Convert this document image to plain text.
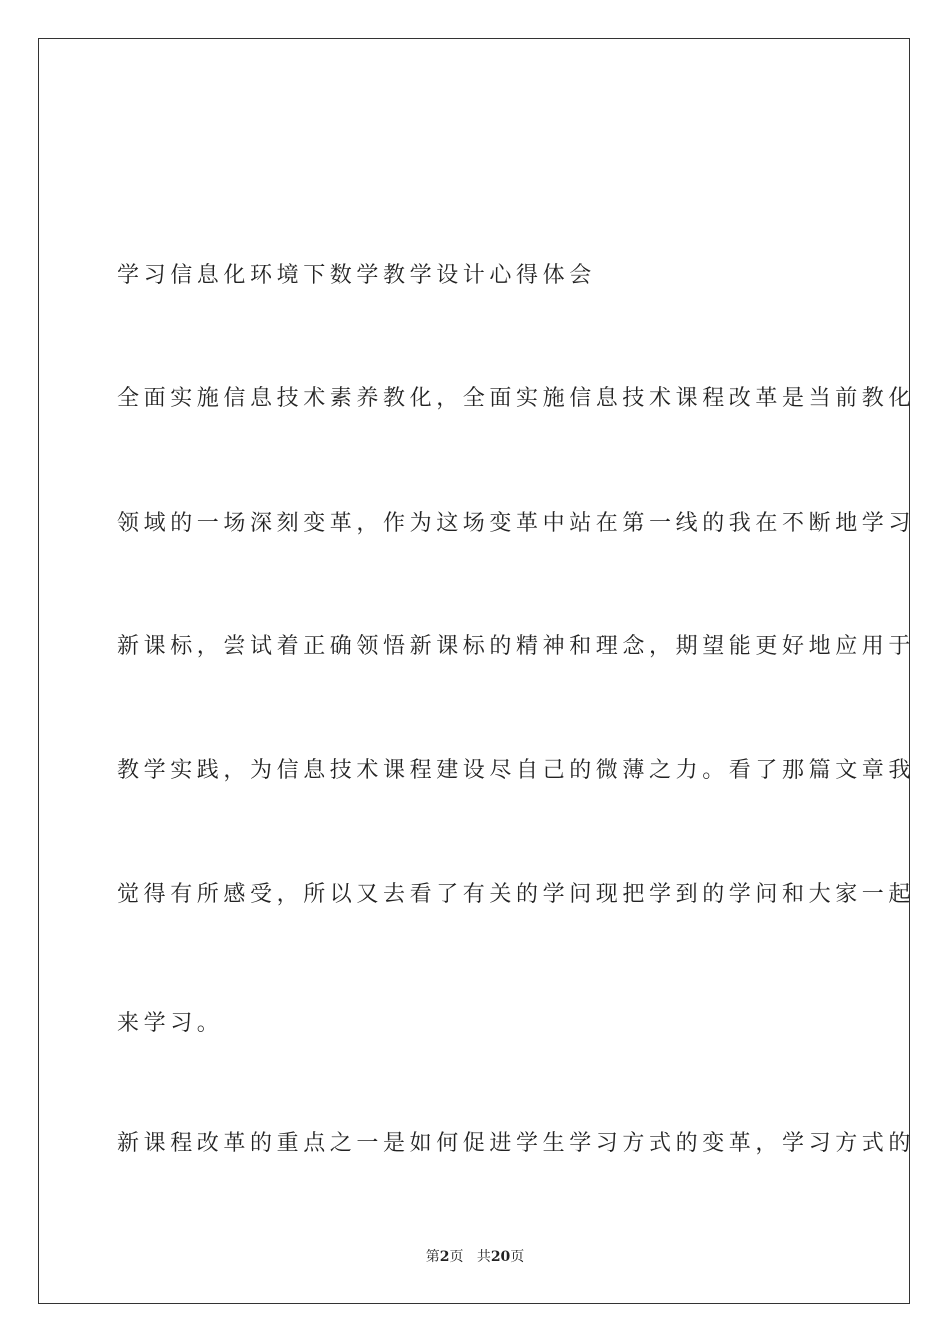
学习信息化环境下数学教学设计心得体会
全面实施信息技术素养教化，全面实施信息技术课程改革是当前教化
领域的一场深刻变革，作为这场变革中站在第一线的我在不断地学习
新课标，尝试着正确领悟新课标的精神和理念，期望能更好地应用于
教学实践，为信息技术课程建设尽自己的微薄之力。看了那篇文章我
觉得有所感受，所以又去看了有关的学问现把学到的学问和大家一起
来学习。
新课程改革的重点之一是如何促进学生学习方式的变革，学习方式的
第2页 共20页
